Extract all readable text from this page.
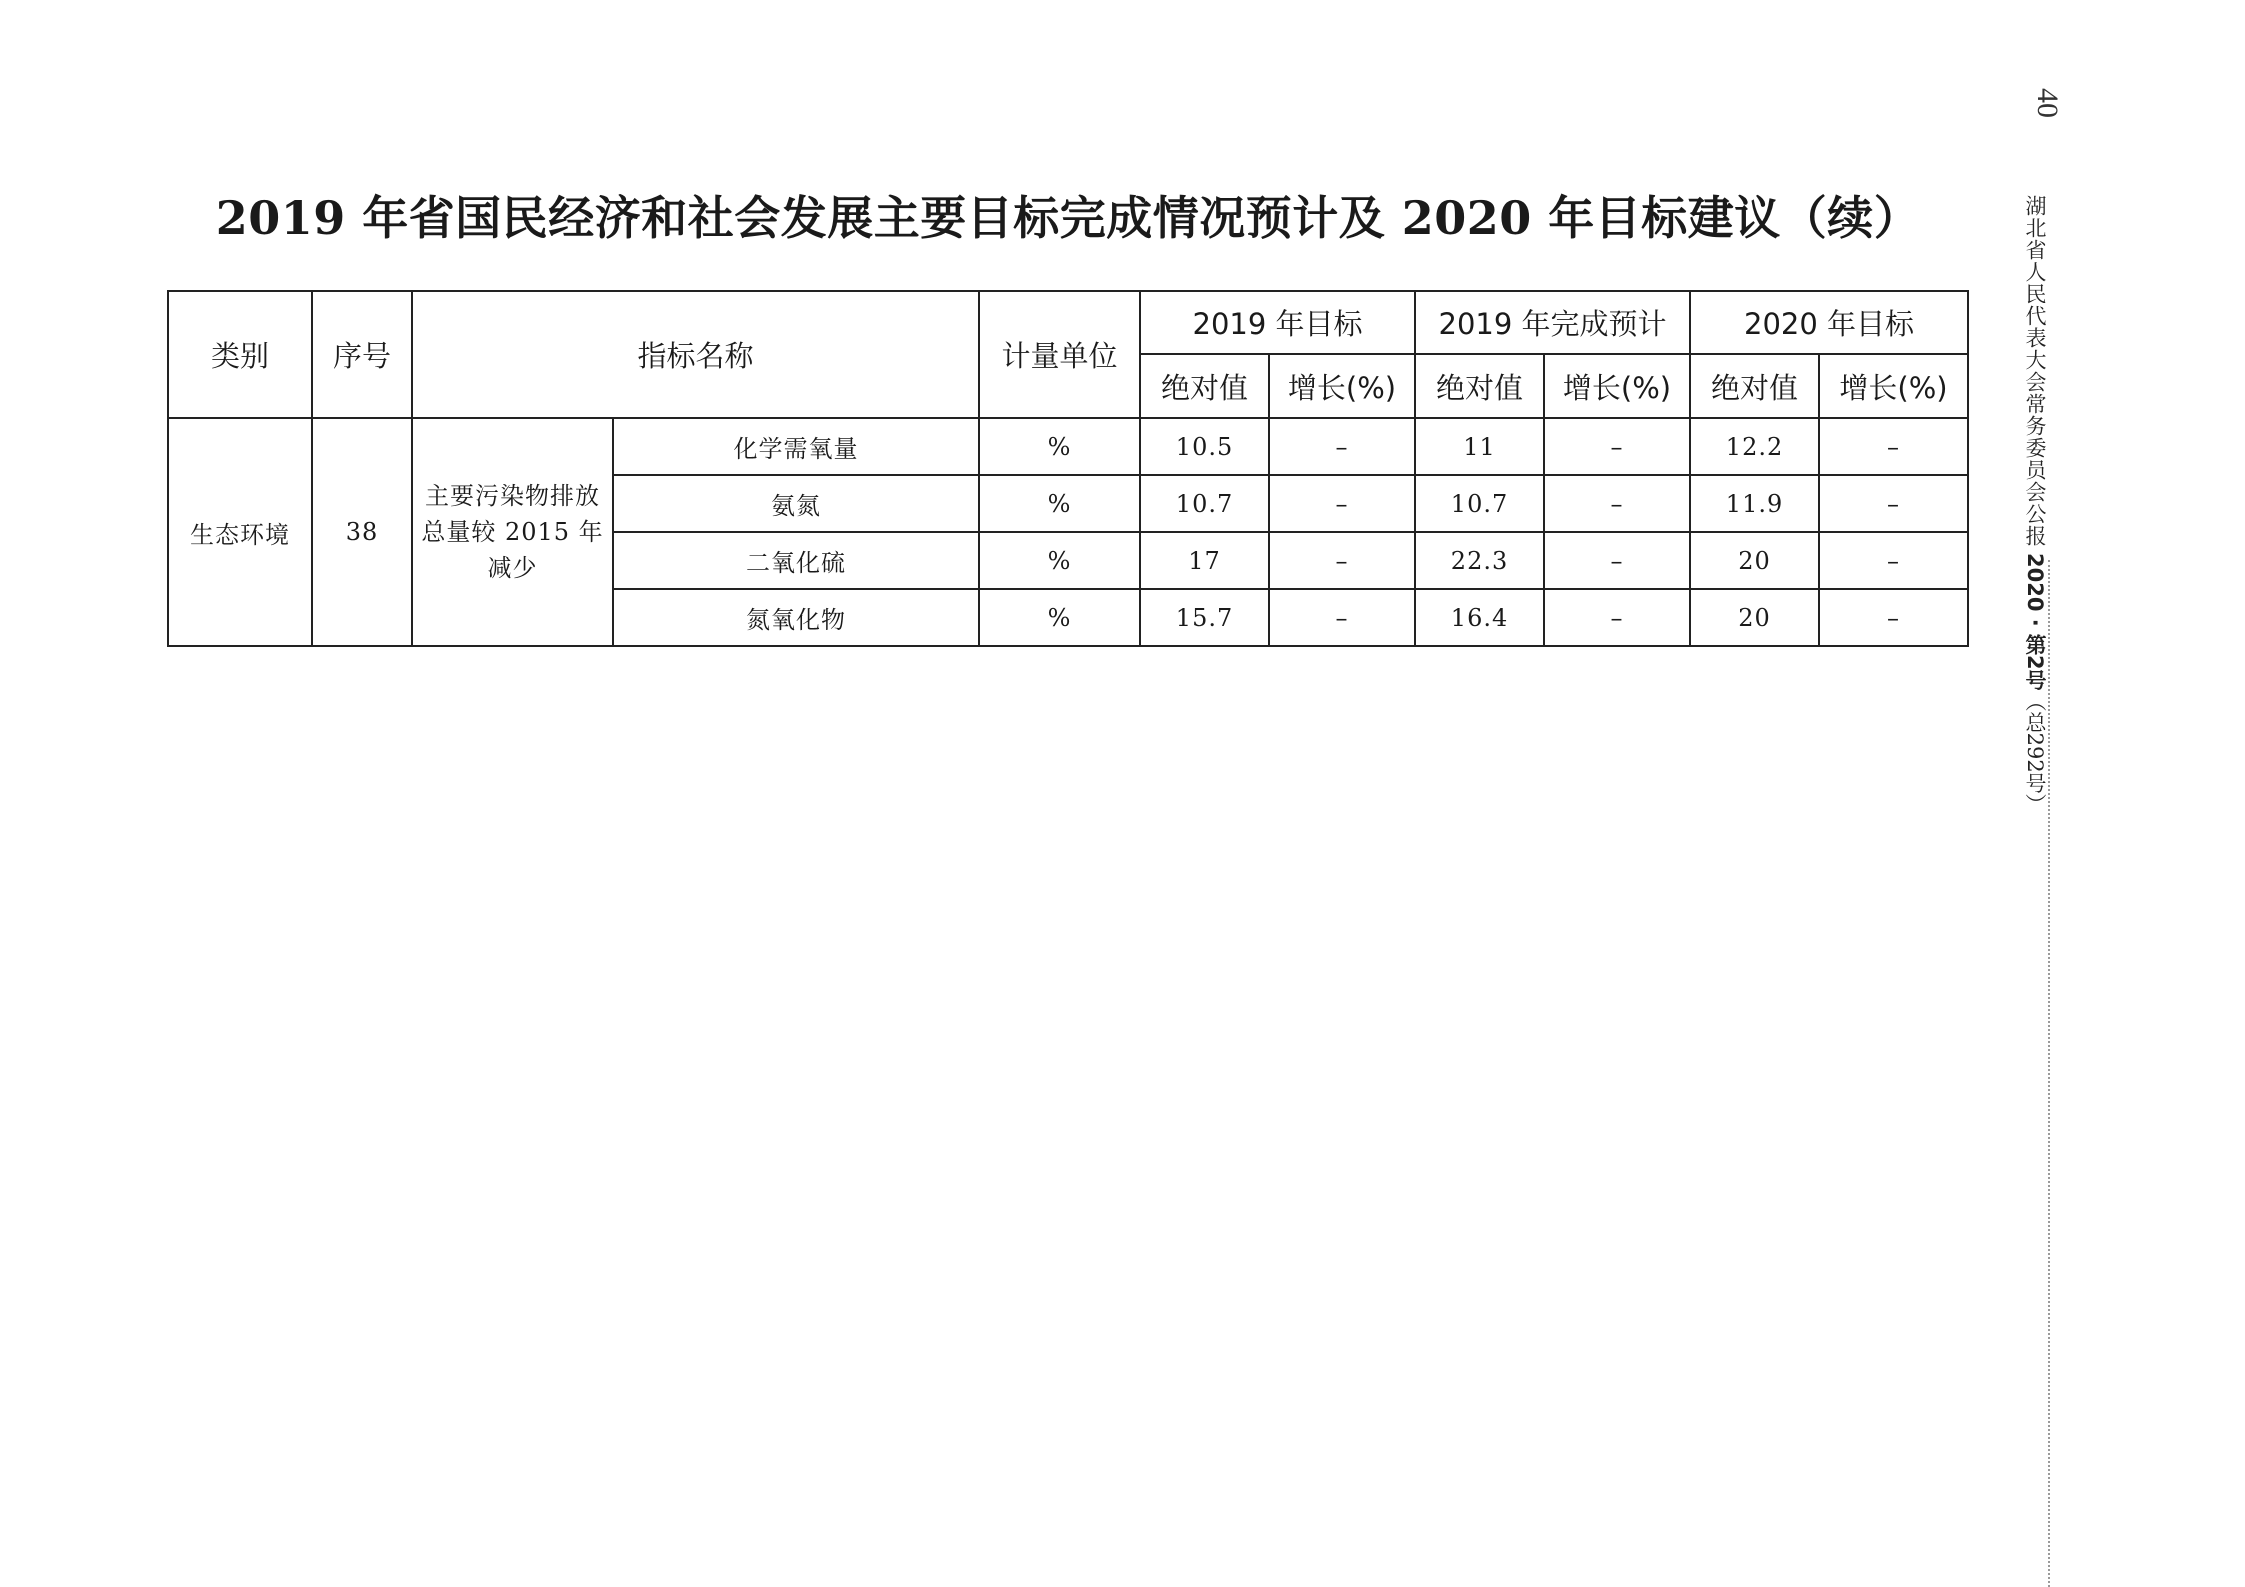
40
湖北省人民代表大会常务委员会公报
2020 · 第2号（总292号）
2019 年省国民经济和社会发展主要目标完成情况预计及 2020 年目标建议（续）
类别	序号	指标名称		计量单位	2019 年目标		2019 年完成预计		2020 年目标	
					绝对值	增长(%)	绝对值	增长(%)	绝对值	增长(%)
生态环境	38	主要污染物排放总量较 2015 年减少	化学需氧量	%	10.5	–	11	–	12.2	–
			氨氮	%	10.7	–	10.7	–	11.9	–
			二氧化硫	%	17	–	22.3	–	20	–
			氮氧化物	%	15.7	–	16.4	–	20	–
